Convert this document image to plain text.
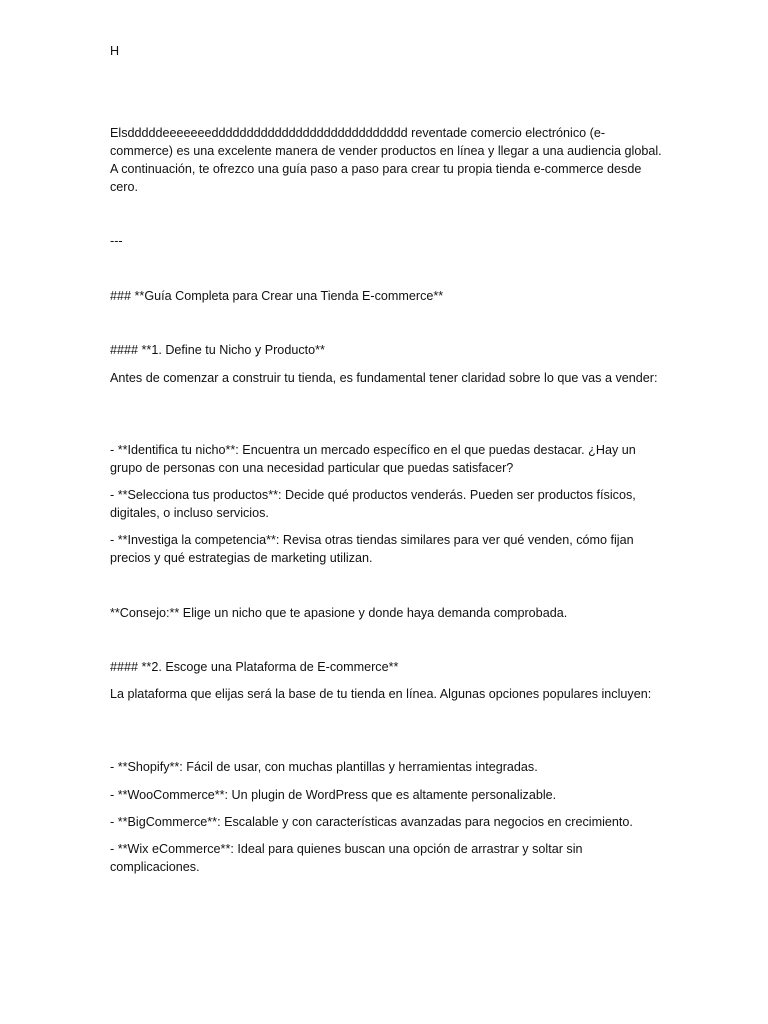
H

Elsdddddeeeeeeedddddddddddddddddddddddddddd reventade comercio electrónico (e-commerce) es una excelente manera de vender productos en línea y llegar a una audiencia global. A continuación, te ofrezco una guía paso a paso para crear tu propia tienda e-commerce desde cero.

---

### **Guía Completa para Crear una Tienda E-commerce**

#### **1. Define tu Nicho y Producto**

Antes de comenzar a construir tu tienda, es fundamental tener claridad sobre lo que vas a vender:

- **Identifica tu nicho**: Encuentra un mercado específico en el que puedas destacar. ¿Hay un grupo de personas con una necesidad particular que puedas satisfacer?

- **Selecciona tus productos**: Decide qué productos venderás. Pueden ser productos físicos, digitales, o incluso servicios.

- **Investiga la competencia**: Revisa otras tiendas similares para ver qué venden, cómo fijan precios y qué estrategias de marketing utilizan.

**Consejo:** Elige un nicho que te apasione y donde haya demanda comprobada.

#### **2. Escoge una Plataforma de E-commerce**

La plataforma que elijas será la base de tu tienda en línea. Algunas opciones populares incluyen:

- **Shopify**: Fácil de usar, con muchas plantillas y herramientas integradas.

- **WooCommerce**: Un plugin de WordPress que es altamente personalizable.

- **BigCommerce**: Escalable y con características avanzadas para negocios en crecimiento.

- **Wix eCommerce**: Ideal para quienes buscan una opción de arrastrar y soltar sin complicaciones.
